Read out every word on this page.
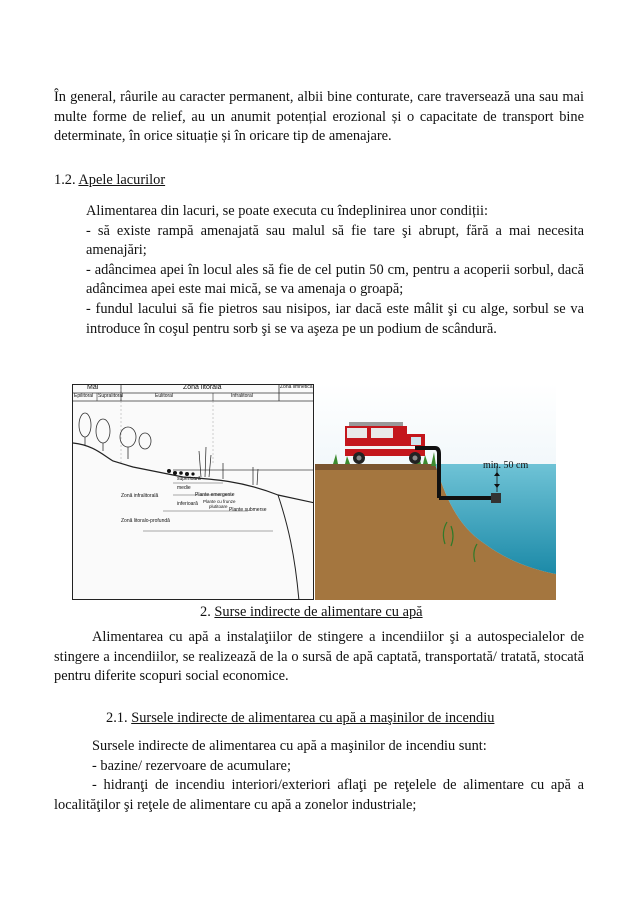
În general, râurile au caracter permanent, albii bine conturate, care traversează una sau mai multe forme de relief, au un anumit potențial erozional și o capacitate de transport bine determinate, în orice situație și în oricare tip de amenajare.

1.2. Apele lacurilor
Alimentarea din lacuri, se poate executa cu îndeplinirea unor condiții:
- să existe rampă amenajată sau malul să fie tare şi abrupt, fără a mai necesita amenajări;
- adâncimea apei în locul ales să fie de cel putin 50 cm, pentru a acoperii sorbul, dacă adâncimea apei este mai mică, se va amenaja o groapă;
- fundul lacului să fie pietros sau nisipos, iar dacă este mâlit şi cu alge, sorbul se va introduce în coşul pentru sorb şi se va aşeza pe un podium de scândură.
Mal	Zonă litorală	Zonă limnetică
Epilitoral Supralitoral	Eulitoral	Infralitoral
superioară
medie
inferioară
Plante emergente
Plante cu frunze
plutitoare
Plante submerse
Zonă infralitorală
Zonă litoralo-profundă
min. 50 cm
2. Surse indirecte de alimentare cu apă

Alimentarea cu apă a instalaţiilor de stingere a incendiilor şi a autospecialelor de stingere a incendiilor, se realizează de la o sursă de apă captată, transportată/ tratată, stocată pentru diferite scopuri social economice.

2.1. Sursele indirecte de alimentarea cu apă a maşinilor de incendiu
Sursele indirecte de alimentarea cu apă a maşinilor de incendiu sunt:
- bazine/ rezervoare de acumulare;
- hidranţi de incendiu interiori/exteriori aflaţi pe reţelele de alimentare cu apă a localităţilor şi reţele de alimentare cu apă a zonelor industriale;
